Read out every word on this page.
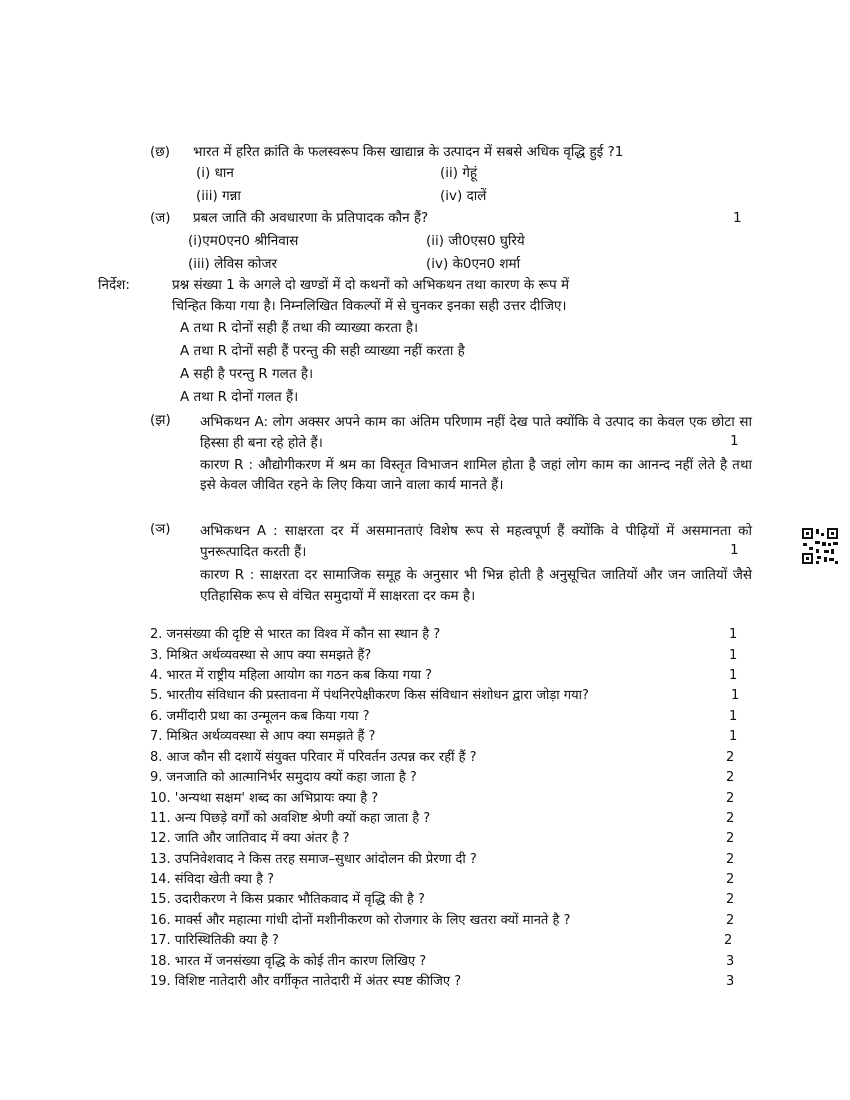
(छ) भारत में हरित क्रांति के फलस्वरूप किस खाद्यान्न के उत्पादन में सबसे अधिक वृद्धि हुई ?1
(i) धान	(ii) गेहूं
(iii) गन्ना	(iv) दालें
(ज) प्रबल जाति की अवधारणा के प्रतिपादक कौन हैं?	1
(i)एम0एन0 श्रीनिवास	(ii) जी0एस0 घुरिये
(iii) लेविस कोजर	(iv) के0एन0 शर्मा
निर्देश:	प्रश्न संख्या 1 के अगले दो खण्डों में दो कथनों को अभिकथन तथा कारण के रूप में
चिन्हित किया गया है। निम्नलिखित विकल्पों में से चुनकर इनका सही उत्तर दीजिए।
A तथा R दोनों सही हैं तथा की व्याख्या करता है।
A तथा R दोनों सही हैं परन्तु की सही व्याख्या नहीं करता है
A सही है परन्तु R गलत है।
A तथा R दोनों गलत हैं।
(झ) अभिकथन A: लोग अक्सर अपने काम का अंतिम परिणाम नहीं देख पाते क्योंकि वे उत्पाद का केवल एक छोटा सा हिस्सा ही बना रहे होते हैं।	1
कारण R : औद्योगीकरण में श्रम का विस्तृत विभाजन शामिल होता है जहां लोग काम का आनन्द नहीं लेते है तथा इसे केवल जीवित रहने के लिए किया जाने वाला कार्य मानते हैं।
(ञ) अभिकथन A : साक्षरता दर में असमानताएं विशेष रूप से महत्वपूर्ण हैं क्योंकि वे पीढ़ियों में असमानता को पुनरूत्पादित करती हैं।	1
कारण R : साक्षरता दर सामाजिक समूह के अनुसार भी भिन्न होती है अनुसूचित जातियों और जन जातियों जैसे एतिहासिक रूप से वंचित समुदायों में साक्षरता दर कम है।
2. जनसंख्या की दृष्टि से भारत का विश्व में कौन सा स्थान है ?	1
3. मिश्रित अर्थव्यवस्था से आप क्या समझते हैं?	1
4. भारत में राष्ट्रीय महिला आयोग का गठन कब किया गया ?	1
5. भारतीय संविधान की प्रस्तावना में पंथनिरपेक्षीकरण किस संविधान संशोधन द्वारा जोड़ा गया?	1
6. जमींदारी प्रथा का उन्मूलन कब किया गया ?	1
7. मिश्रित अर्थव्यवस्था से आप क्या समझते हैं ?	1
8. आज कौन सी दशायें संयुक्त परिवार में परिवर्तन उत्पन्न कर रहीं हैं ?	2
9. जनजाति को आत्मानिर्भर समुदाय क्यों कहा जाता है ?	2
10. 'अन्यथा सक्षम' शब्द का अभिप्रायः क्या है ?	2
11. अन्य पिछड़े वर्गों को अवशिष्ट श्रेणी क्यों कहा जाता है ?	2
12. जाति और जातिवाद में क्या अंतर है ?	2
13. उपनिवेशवाद ने किस तरह समाज–सुधार आंदोलन की प्रेरणा दी ?	2
14. संविदा खेती क्या है ?	2
15. उदारीकरण ने किस प्रकार भौतिकवाद में वृद्धि की है ?	2
16. मार्क्स और महात्मा गांधी दोनों मशीनीकरण को रोजगार के लिए खतरा क्यों मानते है ?	2
17. पारिस्थितिकी क्या है ?	2
18. भारत में जनसंख्या वृद्धि के कोई तीन कारण लिखिए ?	3
19. विशिष्ट नातेदारी और वर्गीकृत नातेदारी में अंतर स्पष्ट कीजिए ?	3
